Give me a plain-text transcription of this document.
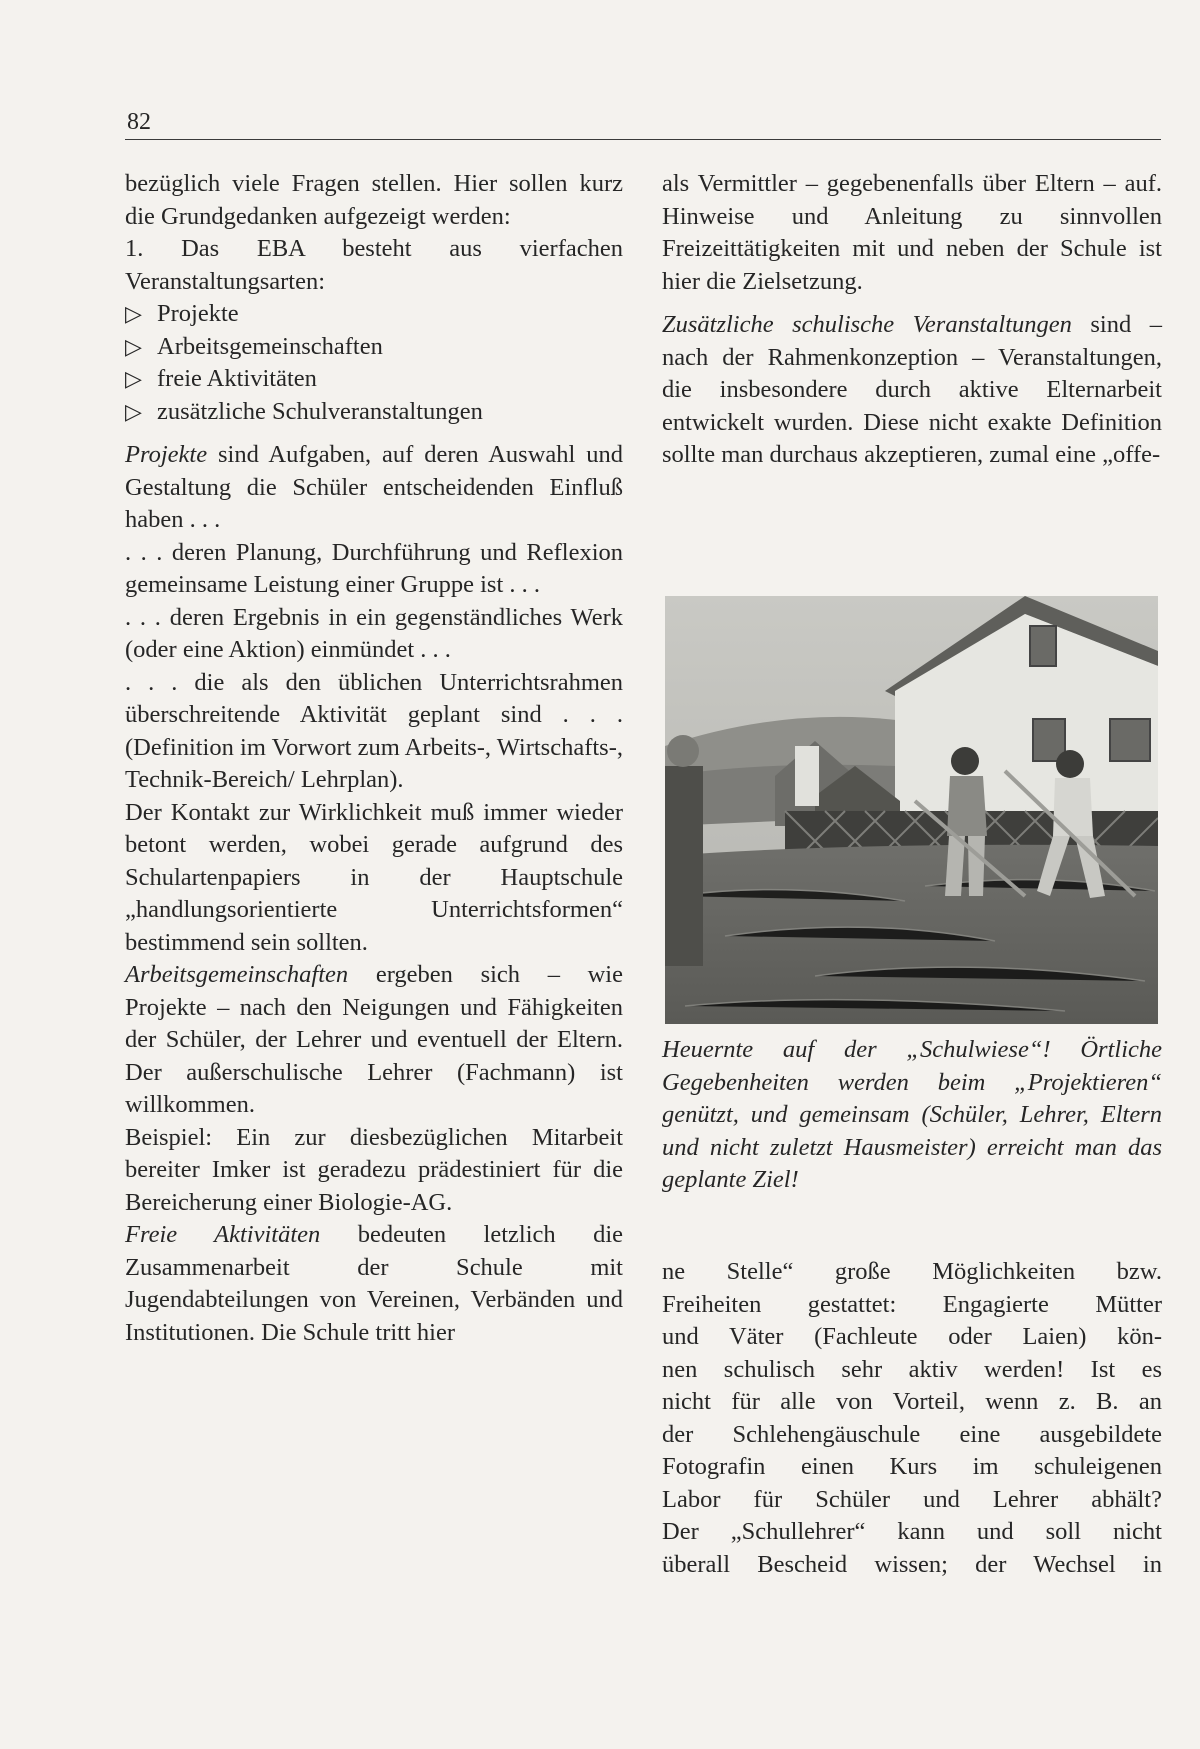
82

bezüglich viele Fragen stellen. Hier sollen kurz die Grundgedanken aufgezeigt werden:
1. Das EBA besteht aus vierfachen Veranstaltungsarten:

▷ Projekte
▷ Arbeitsgemeinschaften
▷ freie Aktivitäten
▷ zusätzliche Schulveranstaltungen

Projekte sind Aufgaben, auf deren Auswahl und Gestaltung die Schüler entscheidenden Einfluß haben . . .

. . . deren Planung, Durchführung und Reflexion gemeinsame Leistung einer Gruppe ist . . .

. . . deren Ergebnis in ein gegenständliches Werk (oder eine Aktion) einmündet . . .

. . . die als den üblichen Unterrichtsrahmen überschreitende Aktivität geplant sind . . . (Definition im Vorwort zum Arbeits-, Wirtschafts-, Technik-Bereich/ Lehrplan).

Der Kontakt zur Wirklichkeit muß immer wieder betont werden, wobei gerade aufgrund des Schulartenpapiers in der Hauptschule „handlungsorientierte Unterrichtsformen“ bestimmend sein sollten.

Arbeitsgemeinschaften ergeben sich – wie Projekte – nach den Neigungen und Fähigkeiten der Schüler, der Lehrer und eventuell der Eltern. Der außerschulische Lehrer (Fachmann) ist willkommen.

Beispiel: Ein zur diesbezüglichen Mitarbeit bereiter Imker ist geradezu prädestiniert für die Bereicherung einer Biologie-AG.

Freie Aktivitäten bedeuten letzlich die Zusammenarbeit der Schule mit Jugendabteilungen von Vereinen, Verbänden und Institutionen. Die Schule tritt hier

als Vermittler – gegebenenfalls über Eltern – auf. Hinweise und Anleitung zu sinnvollen Freizeittätigkeiten mit und neben der Schule ist hier die Zielsetzung.

Zusätzliche schulische Veranstaltungen sind – nach der Rahmenkonzeption – Veranstaltungen, die insbesondere durch aktive Elternarbeit entwickelt wurden. Diese nicht exakte Definition sollte man durchaus akzeptieren, zumal eine „offe-

Heuernte auf der „Schulwiese“! Örtliche Gegebenheiten werden beim „Projektieren“ genützt, und gemeinsam (Schüler, Lehrer, Eltern und nicht zuletzt Hausmeister) erreicht man das geplante Ziel!

ne Stelle“ große Möglichkeiten bzw.
Freiheiten gestattet: Engagierte Mütter
und Väter (Fachleute oder Laien) kön-
nen schulisch sehr aktiv werden! Ist es
nicht für alle von Vorteil, wenn z. B. an
der Schlehengäuschule eine ausgebildete
Fotografin einen Kurs im schuleigenen
Labor für Schüler und Lehrer abhält?
Der „Schullehrer“ kann und soll nicht
überall Bescheid wissen; der Wechsel in
